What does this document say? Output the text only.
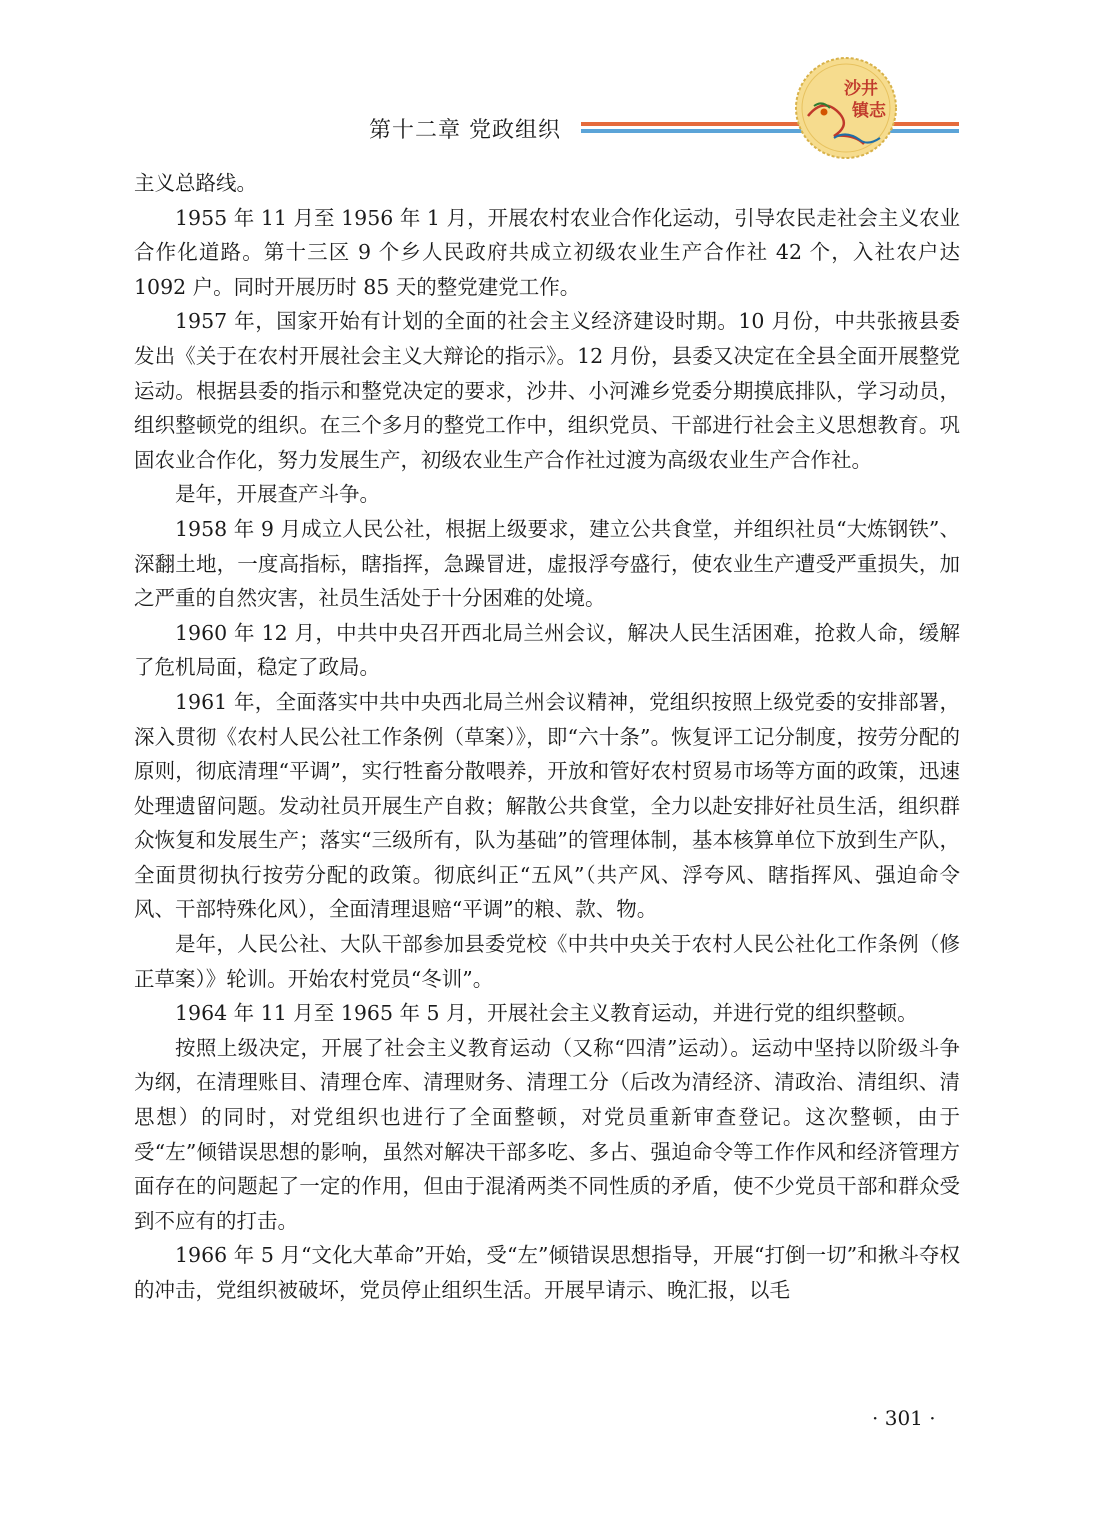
第十二章 党政组织
沙井
镇志

主义总路线。

1955 年 11 月至 1956 年 1 月，开展农村农业合作化运动，引导农民走社会主义农业合作化道路。第十三区 9 个乡人民政府共成立初级农业生产合作社 42 个，入社农户达 1092 户。同时开展历时 85 天的整党建党工作。

1957 年，国家开始有计划的全面的社会主义经济建设时期。10 月份，中共张掖县委发出《关于在农村开展社会主义大辩论的指示》。12 月份，县委又决定在全县全面开展整党运动。根据县委的指示和整党决定的要求，沙井、小河滩乡党委分期摸底排队，学习动员，组织整顿党的组织。在三个多月的整党工作中，组织党员、干部进行社会主义思想教育。巩固农业合作化，努力发展生产，初级农业生产合作社过渡为高级农业生产合作社。

是年，开展查产斗争。

1958 年 9 月成立人民公社，根据上级要求，建立公共食堂，并组织社员“大炼钢铁”、深翻土地，一度高指标，瞎指挥，急躁冒进，虚报浮夸盛行，使农业生产遭受严重损失，加之严重的自然灾害，社员生活处于十分困难的处境。

1960 年 12 月，中共中央召开西北局兰州会议，解决人民生活困难，抢救人命，缓解了危机局面，稳定了政局。

1961 年，全面落实中共中央西北局兰州会议精神，党组织按照上级党委的安排部署，深入贯彻《农村人民公社工作条例（草案）》，即“六十条”。恢复评工记分制度，按劳分配的原则，彻底清理“平调”，实行牲畜分散喂养，开放和管好农村贸易市场等方面的政策，迅速处理遗留问题。发动社员开展生产自救；解散公共食堂，全力以赴安排好社员生活，组织群众恢复和发展生产；落实“三级所有，队为基础”的管理体制，基本核算单位下放到生产队，全面贯彻执行按劳分配的政策。彻底纠正“五风”（共产风、浮夸风、瞎指挥风、强迫命令风、干部特殊化风），全面清理退赔“平调”的粮、款、物。

是年，人民公社、大队干部参加县委党校《中共中央关于农村人民公社化工作条例（修正草案）》轮训。开始农村党员“冬训”。

1964 年 11 月至 1965 年 5 月，开展社会主义教育运动，并进行党的组织整顿。

按照上级决定，开展了社会主义教育运动（又称“四清”运动）。运动中坚持以阶级斗争为纲，在清理账目、清理仓库、清理财务、清理工分（后改为清经济、清政治、清组织、清思想）的同时，对党组织也进行了全面整顿，对党员重新审查登记。这次整顿，由于受“左”倾错误思想的影响，虽然对解决干部多吃、多占、强迫命令等工作作风和经济管理方面存在的问题起了一定的作用，但由于混淆两类不同性质的矛盾，使不少党员干部和群众受到不应有的打击。

1966 年 5 月“文化大革命”开始，受“左”倾错误思想指导，开展“打倒一切”和揪斗夺权的冲击，党组织被破坏，党员停止组织生活。开展早请示、晚汇报，以毛

· 301 ·
